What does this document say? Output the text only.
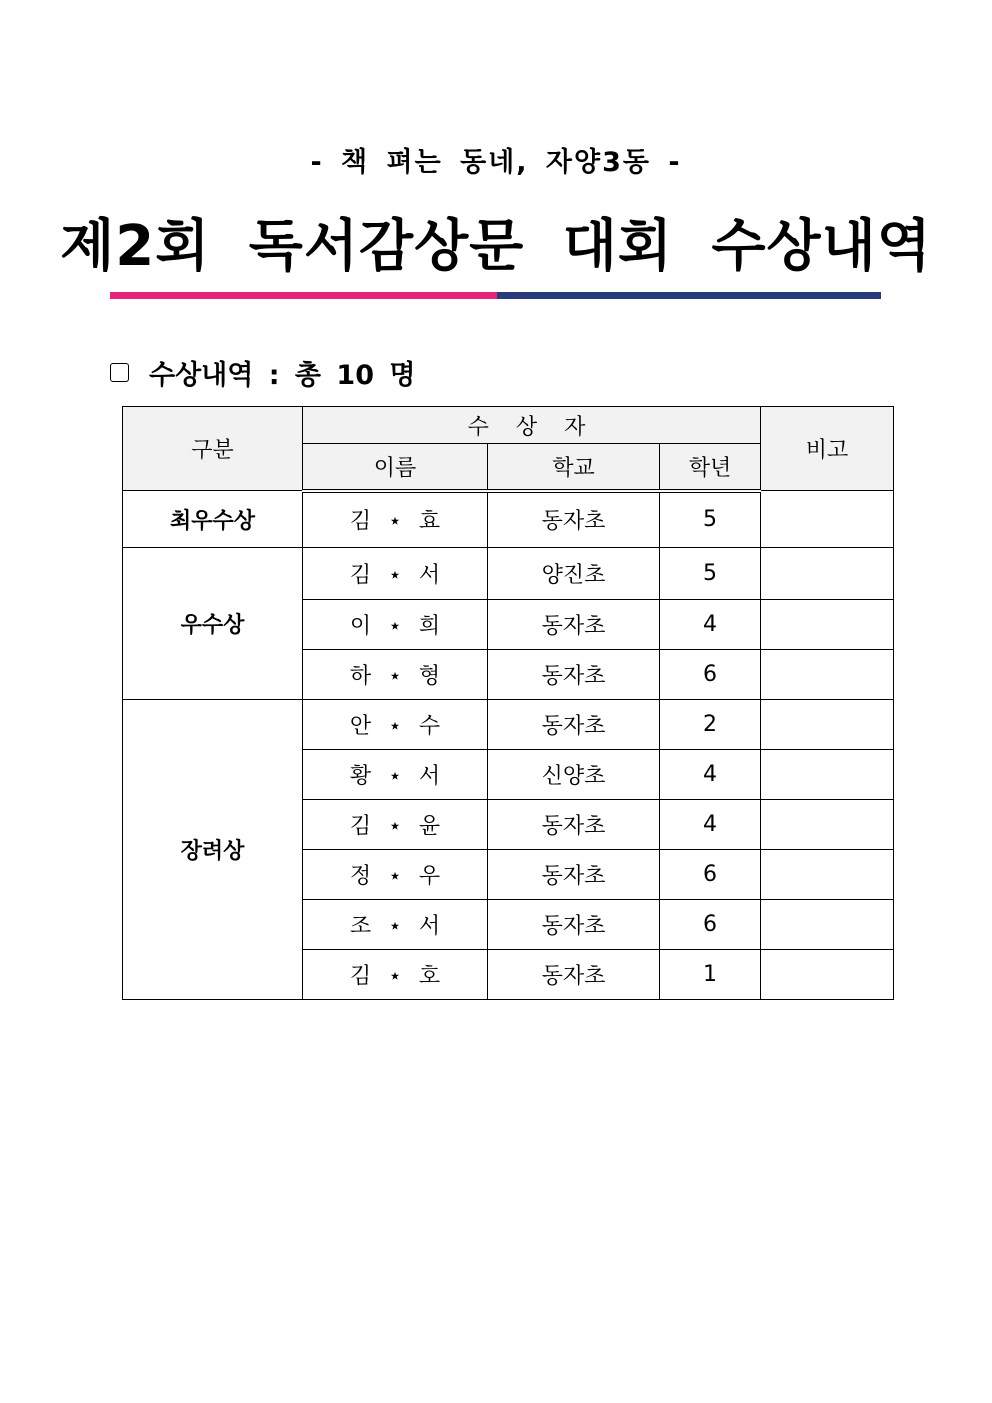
- 책 펴는 동네, 자양3동 -
제2회 독서감상문 대회 수상내역
수상내역 : 총 10 명
구분	수 상 자			비고
	이름	학교	학년	
최우수상	김 ⋆ 효	동자초	5	
우수상	김 ⋆ 서	양진초	5	
	이 ⋆ 희	동자초	4	
	하 ⋆ 형	동자초	6	
장려상	안 ⋆ 수	동자초	2	
	황 ⋆ 서	신양초	4	
	김 ⋆ 윤	동자초	4	
	정 ⋆ 우	동자초	6	
	조 ⋆ 서	동자초	6	
	김 ⋆ 호	동자초	1	
